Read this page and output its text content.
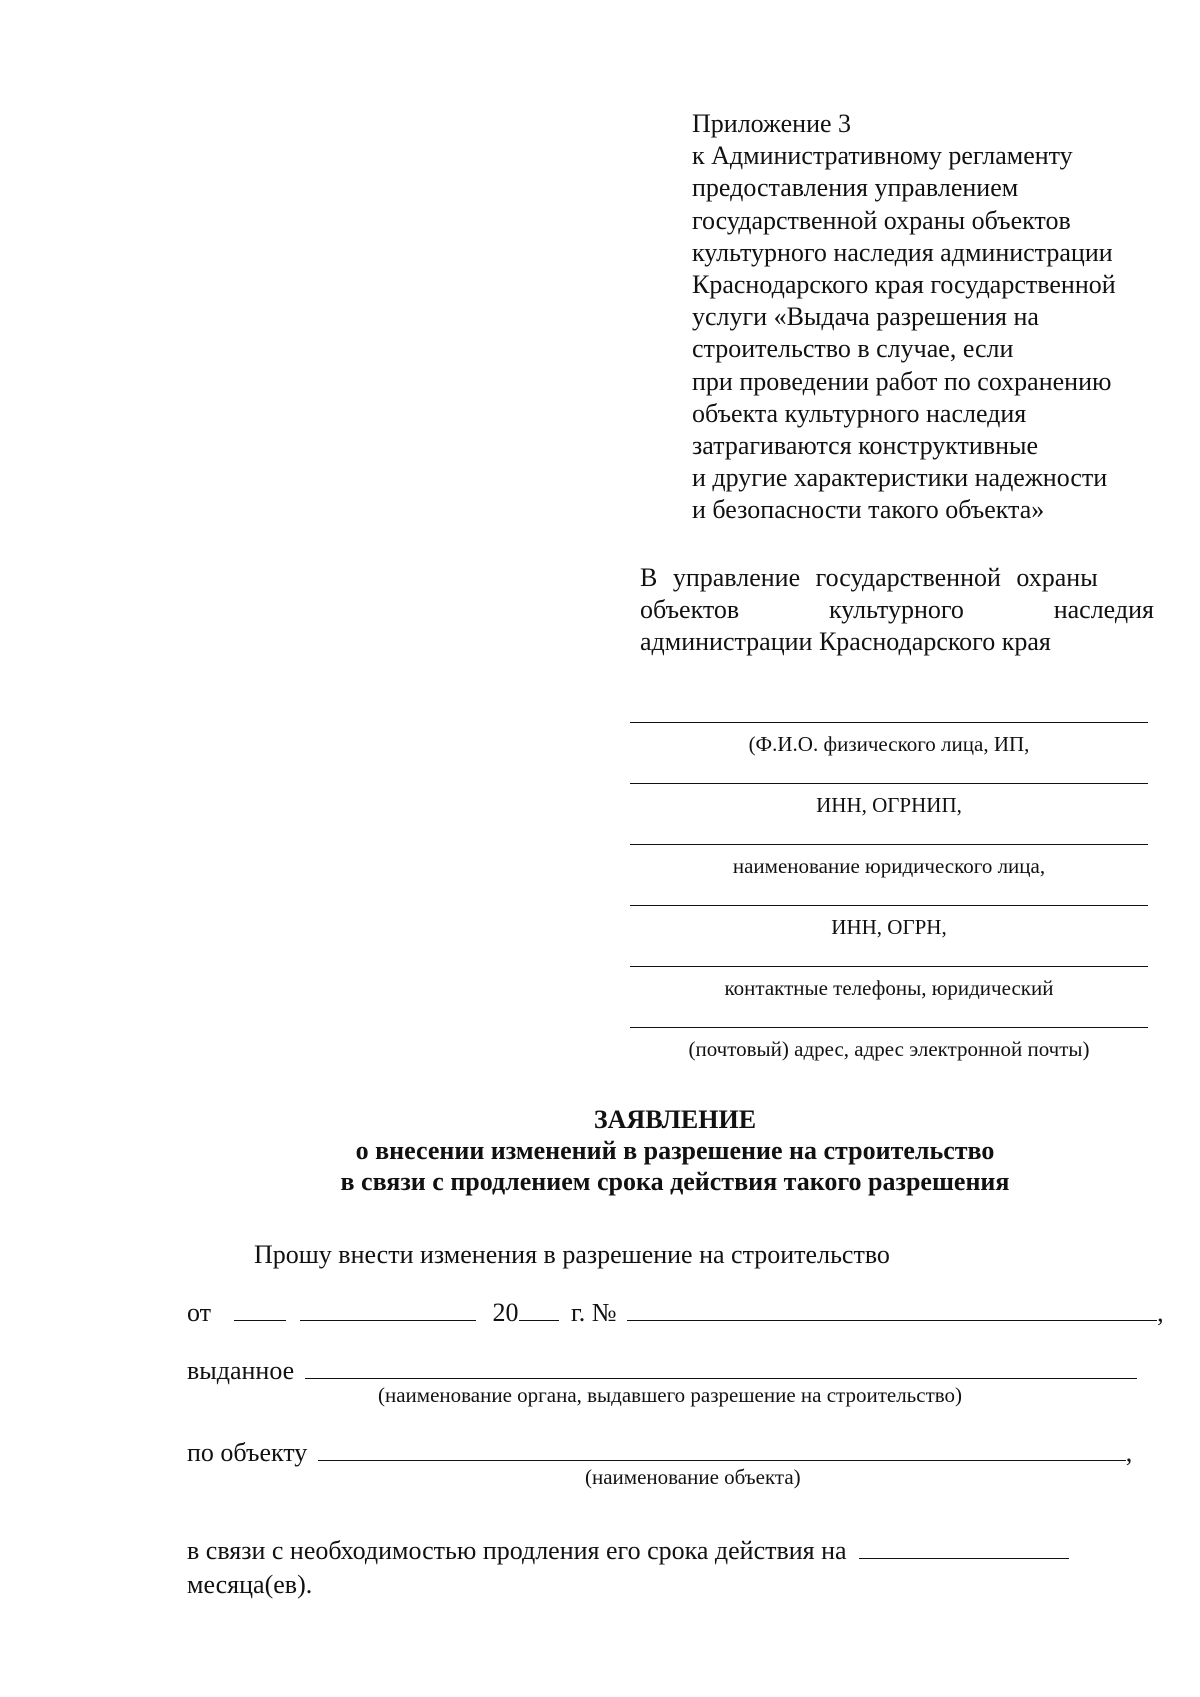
Приложение 3
к Административному регламенту
предоставления управлением
государственной охраны объектов
культурного наследия администрации
Краснодарского края государственной
услуги «Выдача разрешения на
строительство в случае, если
при проведении работ по сохранению
объекта культурного наследия
затрагиваются конструктивные
и другие характеристики надежности
и безопасности такого объекта»
В управление государственной охраны
объектов	культурного	наследия
администрации Краснодарского края
(Ф.И.О. физического лица, ИП,
ИНН, ОГРНИП,
наименование юридического лица,
ИНН, ОГРН,
контактные телефоны, юридический
(почтовый) адрес, адрес электронной почты)
ЗАЯВЛЕНИЕ
о внесении изменений в разрешение на строительство
в связи с продлением срока действия такого разрешения
Прошу внести изменения в разрешение на строительство
от	20 г. №	,
выданное
(наименование органа, выдавшего разрешение на строительство)
по объекту	,
(наименование объекта)
в связи с необходимостью продления его срока действия на
месяца(ев).
